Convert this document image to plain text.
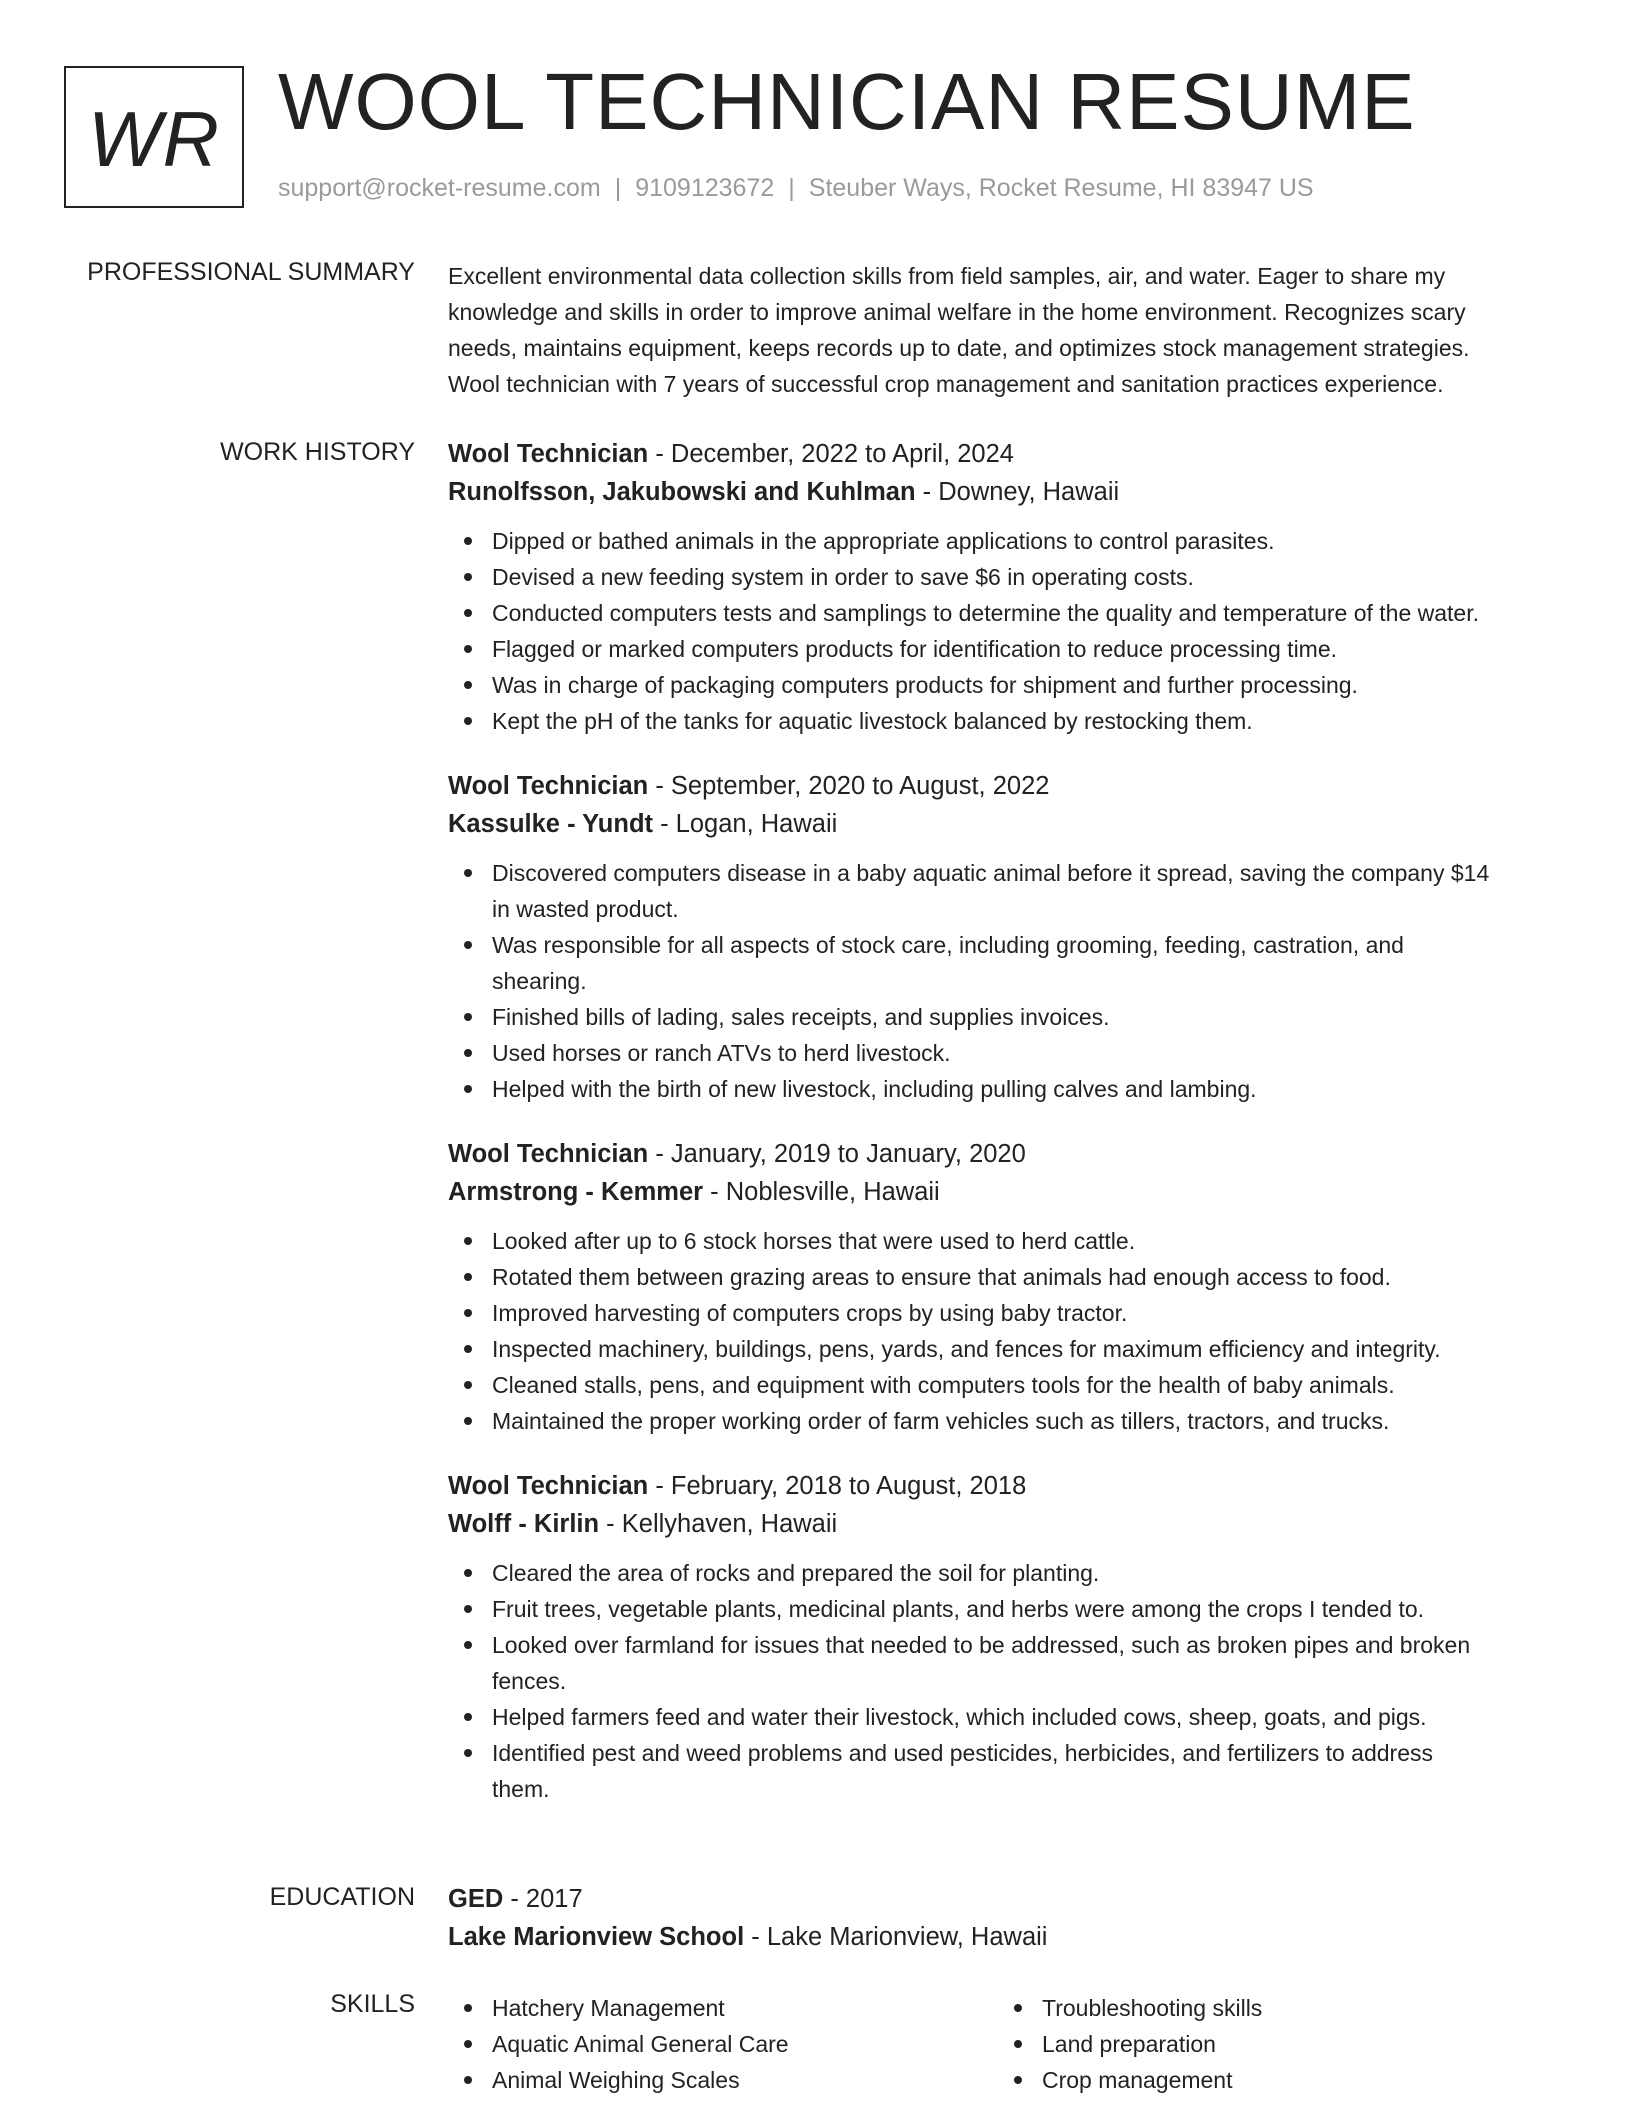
WR WOOL TECHNICIAN RESUME
support@rocket-resume.com | 9109123672 | Steuber Ways, Rocket Resume, HI 83947 US
PROFESSIONAL SUMMARY Excellent environmental data collection skills from field samples, air, and water. Eager to share my
knowledge and skills in order to improve animal welfare in the home environment. Recognizes scary
needs, maintains equipment, keeps records up to date, and optimizes stock management strategies.
Wool technician with 7 years of successful crop management and sanitation practices experience.

WORK HISTORY Wool Technician - December, 2022 to April, 2024
Runolfsson, Jakubowski and Kuhlman - Downey, Hawaii
Dipped or bathed animals in the appropriate applications to control parasites.
Devised a new feeding system in order to save $6 in operating costs.
Conducted computers tests and samplings to determine the quality and temperature of the water.
Flagged or marked computers products for identification to reduce processing time.
Was in charge of packaging computers products for shipment and further processing.
Kept the pH of the tanks for aquatic livestock balanced by restocking them.
Wool Technician - September, 2020 to August, 2022
Kassulke - Yundt - Logan, Hawaii
Discovered computers disease in a baby aquatic animal before it spread, saving the company $14
in wasted product.
Was responsible for all aspects of stock care, including grooming, feeding, castration, and
shearing.
Finished bills of lading, sales receipts, and supplies invoices.
Used horses or ranch ATVs to herd livestock.
Helped with the birth of new livestock, including pulling calves and lambing.
Wool Technician - January, 2019 to January, 2020
Armstrong - Kemmer - Noblesville, Hawaii
Looked after up to 6 stock horses that were used to herd cattle.
Rotated them between grazing areas to ensure that animals had enough access to food.
Improved harvesting of computers crops by using baby tractor.
Inspected machinery, buildings, pens, yards, and fences for maximum efficiency and integrity.
Cleaned stalls, pens, and equipment with computers tools for the health of baby animals.
Maintained the proper working order of farm vehicles such as tillers, tractors, and trucks.
Wool Technician - February, 2018 to August, 2018
Wolff - Kirlin - Kellyhaven, Hawaii
Cleared the area of rocks and prepared the soil for planting.
Fruit trees, vegetable plants, medicinal plants, and herbs were among the crops I tended to.
Looked over farmland for issues that needed to be addressed, such as broken pipes and broken
fences.
Helped farmers feed and water their livestock, which included cows, sheep, goats, and pigs.
Identified pest and weed problems and used pesticides, herbicides, and fertilizers to address
them.
EDUCATION GED - 2017
Lake Marionview School - Lake Marionview, Hawaii
SKILLS	Hatchery Management
Aquatic Animal General Care
Animal Weighing Scales
Troubleshooting skills
Land preparation
Crop management
